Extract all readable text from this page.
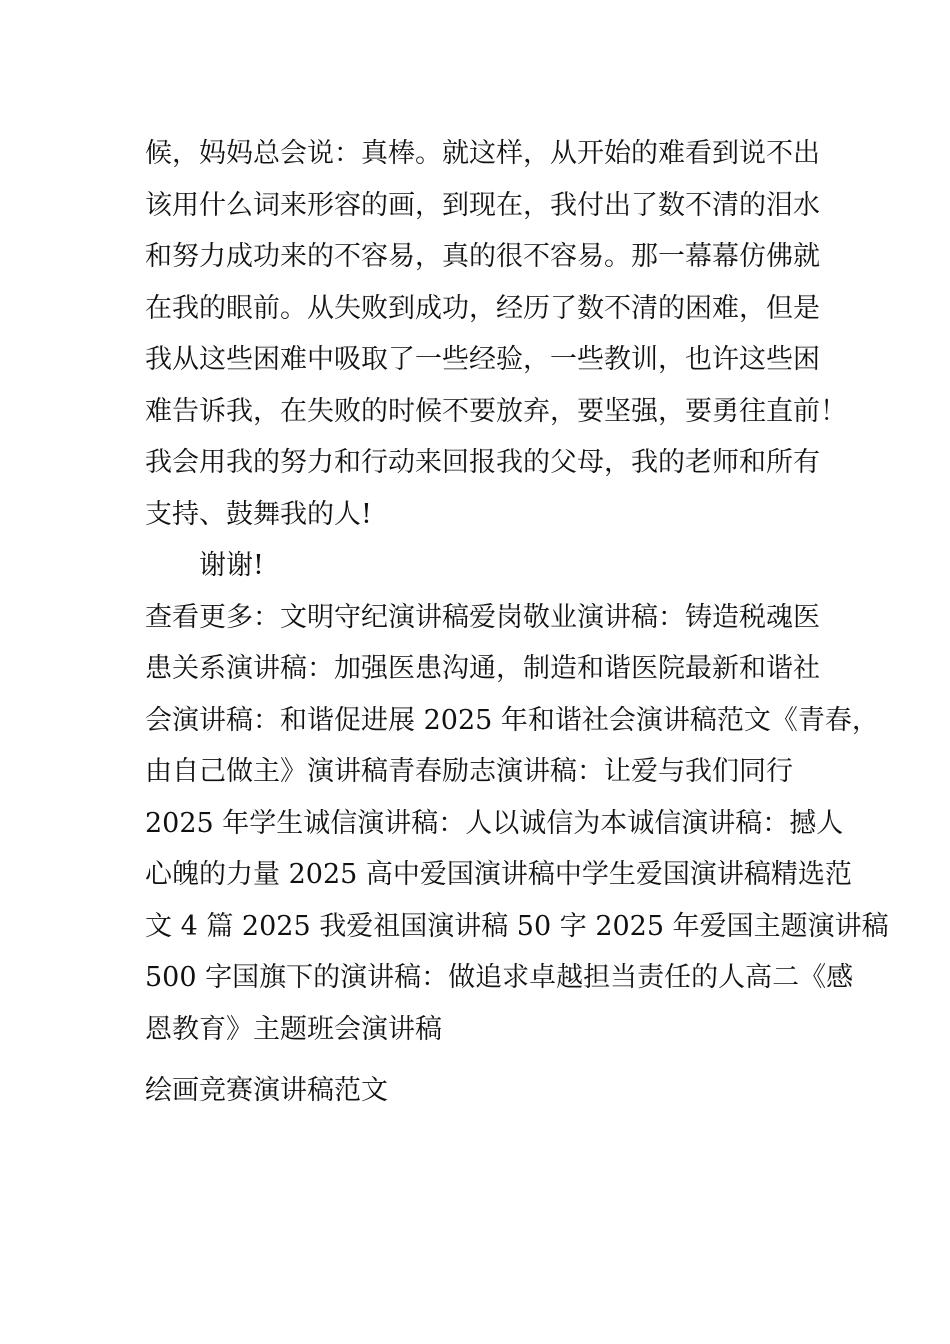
候，妈妈总会说：真棒。就这样，从开始的难看到说不出
该用什么词来形容的画，到现在，我付出了数不清的泪水
和努力成功来的不容易，真的很不容易。那一幕幕仿佛就
在我的眼前。从失败到成功，经历了数不清的困难，但是
我从这些困难中吸取了一些经验，一些教训，也许这些困
难告诉我，在失败的时候不要放弃，要坚强，要勇往直前！
我会用我的努力和行动来回报我的父母，我的老师和所有
支持、鼓舞我的人!
谢谢!
查看更多：文明守纪演讲稿爱岗敬业演讲稿：铸造税魂医
患关系演讲稿：加强医患沟通，制造和谐医院最新和谐社
会演讲稿：和谐促进展 2025 年和谐社会演讲稿范文《青春，
由自己做主》演讲稿青春励志演讲稿：让爱与我们同行
2025 年学生诚信演讲稿：人以诚信为本诚信演讲稿：撼人
心魄的力量 2025 高中爱国演讲稿中学生爱国演讲稿精选范
文 4 篇 2025 我爱祖国演讲稿 50 字 2025 年爱国主题演讲稿
500 字国旗下的演讲稿：做追求卓越担当责任的人高二《感
恩教育》主题班会演讲稿
绘画竞赛演讲稿范文
